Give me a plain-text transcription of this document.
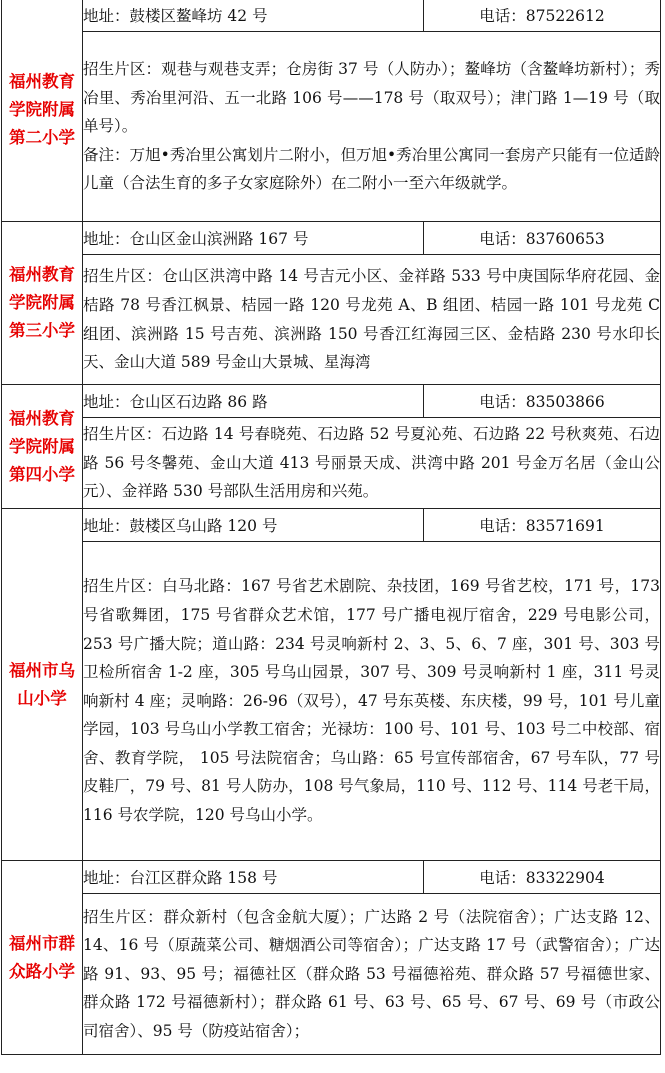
福州教育学院附属第二小学	地址：鼓楼区鳌峰坊 42 号	电话：87522612

	招生片区：观巷与观巷支弄；仓房街 37 号（人防办）；鳌峰坊（含鳌峰坊新村）；秀冶里、秀冶里河沿、五一北路 106 号——178 号（取双号）；津门路 1—19 号（取单号）。

备注：万旭•秀冶里公寓划片二附小，但万旭•秀冶里公寓同一套房产只能有一位适龄儿童（合法生育的多子女家庭除外）在二附小一至六年级就学。	

福州教育学院附属第三小学	地址：仓山区金山滨洲路 167 号	电话：83760653

	招生片区：仓山区洪湾中路 14 号吉元小区、金祥路 533 号中庚国际华府花园、金桔路 78 号香江枫景、桔园一路 120 号龙苑 A、B 组团、桔园一路 101 号龙苑 C 组团、滨洲路 15 号吉苑、滨洲路 150 号香江红海园三区、金桔路 230 号水印长天、金山大道 589 号金山大景城、星海湾	

福州教育学院附属第四小学	地址：仓山区石边路 86 路	电话：83503866

	招生片区：石边路 14 号春晓苑、石边路 52 号夏沁苑、石边路 22 号秋爽苑、石边路 56 号冬馨苑、金山大道 413 号丽景天成、洪湾中路 201 号金万名居（金山公元）、金祥路 530 号部队生活用房和兴苑。	

福州市乌山小学	地址：鼓楼区乌山路 120 号	电话：83571691

	招生片区：白马北路：167 号省艺术剧院、杂技团，169 号省艺校，171 号，173 号省歌舞团，175 号省群众艺术馆，177 号广播电视厅宿舍，229 号电影公司，253 号广播大院；道山路：234 号灵响新村 2、3、5、6、7 座，301 号、303 号卫检所宿舍 1-2 座，305 号乌山园景，307 号、309 号灵响新村 1 座，311 号灵响新村 4 座；灵响路：26-96（双号），47 号东英楼、东庆楼，99 号，101 号儿童学园，103 号乌山小学教工宿舍；光禄坊：100 号、101 号、103 号二中校部、宿舍、教育学院， 105 号法院宿舍；乌山路：65 号宣传部宿舍，67 号车队，77 号皮鞋厂，79 号、81 号人防办，108 号气象局，110 号、112 号、114 号老干局，116 号农学院，120 号乌山小学。	

福州市群众路小学	地址：台江区群众路 158 号	电话：83322904

	招生片区：群众新村（包含金航大厦）；广达路 2 号（法院宿舍）；广达支路 12、14、16 号（原蔬菜公司、糖烟酒公司等宿舍）；广达支路 17 号（武警宿舍）；广达路 91、93、95 号；福德社区（群众路 53 号福德裕苑、群众路 57 号福德世家、群众路 172 号福德新村）；群众路 61 号、63 号、65 号、67 号、69 号（市政公司宿舍）、95 号（防疫站宿舍）；	
